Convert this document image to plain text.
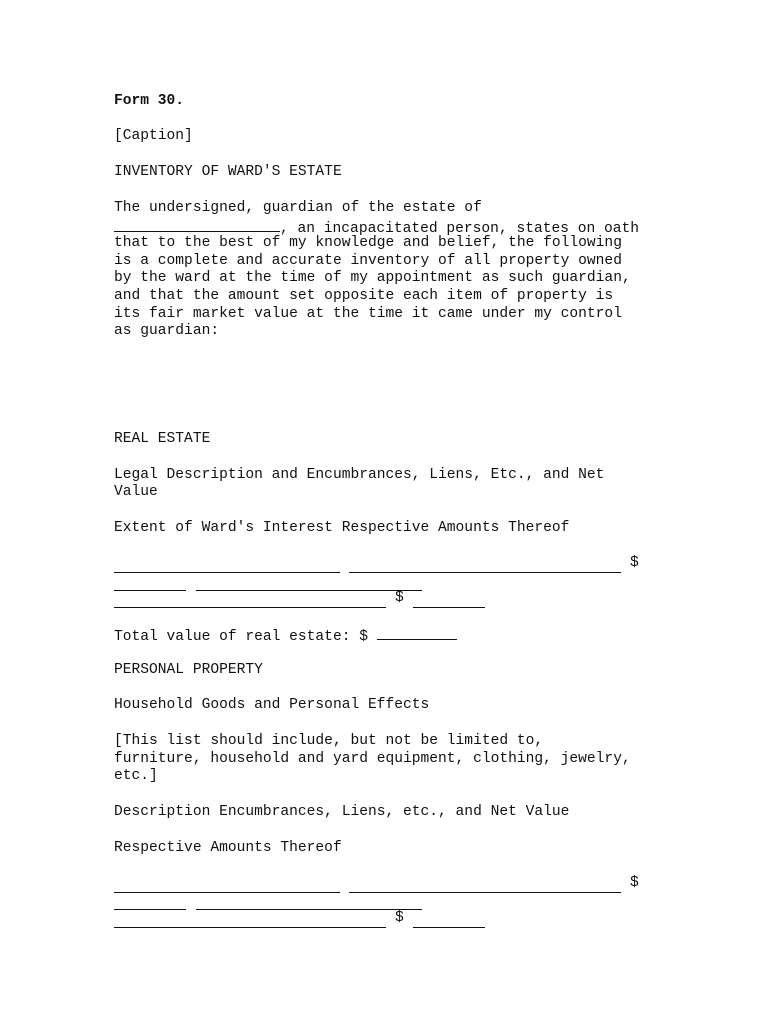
Form 30.
[Caption]
INVENTORY OF WARD'S ESTATE
The undersigned, guardian of the estate of
, an incapacitated person, states on oath
that to the best of my knowledge and belief, the following
is a complete and accurate inventory of all property owned
by the ward at the time of my appointment as such guardian,
and that the amount set opposite each item of property is
its fair market value at the time it came under my control
as guardian:
REAL ESTATE
Legal Description and Encumbrances, Liens, Etc., and Net
Value
Extent of Ward's Interest Respective Amounts Thereof
$
$
Total value of real estate: $
PERSONAL PROPERTY
Household Goods and Personal Effects
[This list should include, but not be limited to,
furniture, household and yard equipment, clothing, jewelry,
etc.]
Description Encumbrances, Liens, etc., and Net Value
Respective Amounts Thereof
$
$
